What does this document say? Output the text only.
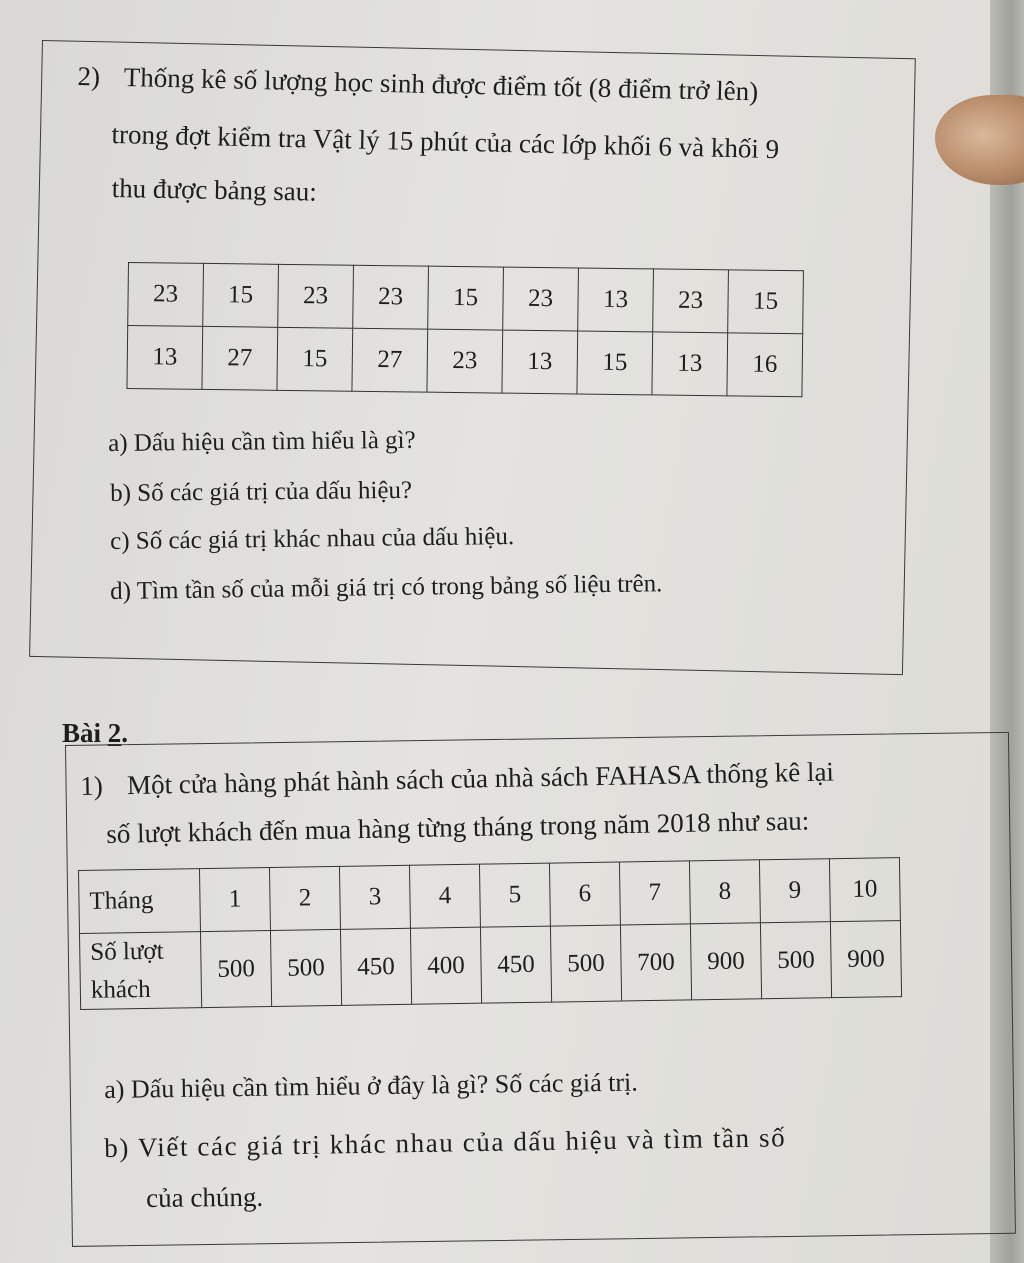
2) Thống kê số lượng học sinh được điểm tốt (8 điểm trở lên)
trong đợt kiểm tra Vật lý 15 phút của các lớp khối 6 và khối 9
thu được bảng sau:
23	15	23	23	15	23	13	23	15
13	27	15	27	23	13	15	13	16
a) Dấu hiệu cần tìm hiểu là gì?
b) Số các giá trị của dấu hiệu?
c) Số các giá trị khác nhau của dấu hiệu.
d) Tìm tần số của mỗi giá trị có trong bảng số liệu trên.
Bài 2.
1) Một cửa hàng phát hành sách của nhà sách FAHASA thống kê lại
số lượt khách đến mua hàng từng tháng trong năm 2018 như sau:
Tháng	1	2	3	4	5	6	7	8	9	10

Số lượt
khách	500	500	450	400	450	500	700	900	500	900
a) Dấu hiệu cần tìm hiểu ở đây là gì? Số các giá trị.
b) Viết các giá trị khác nhau của dấu hiệu và tìm tần số
của chúng.
